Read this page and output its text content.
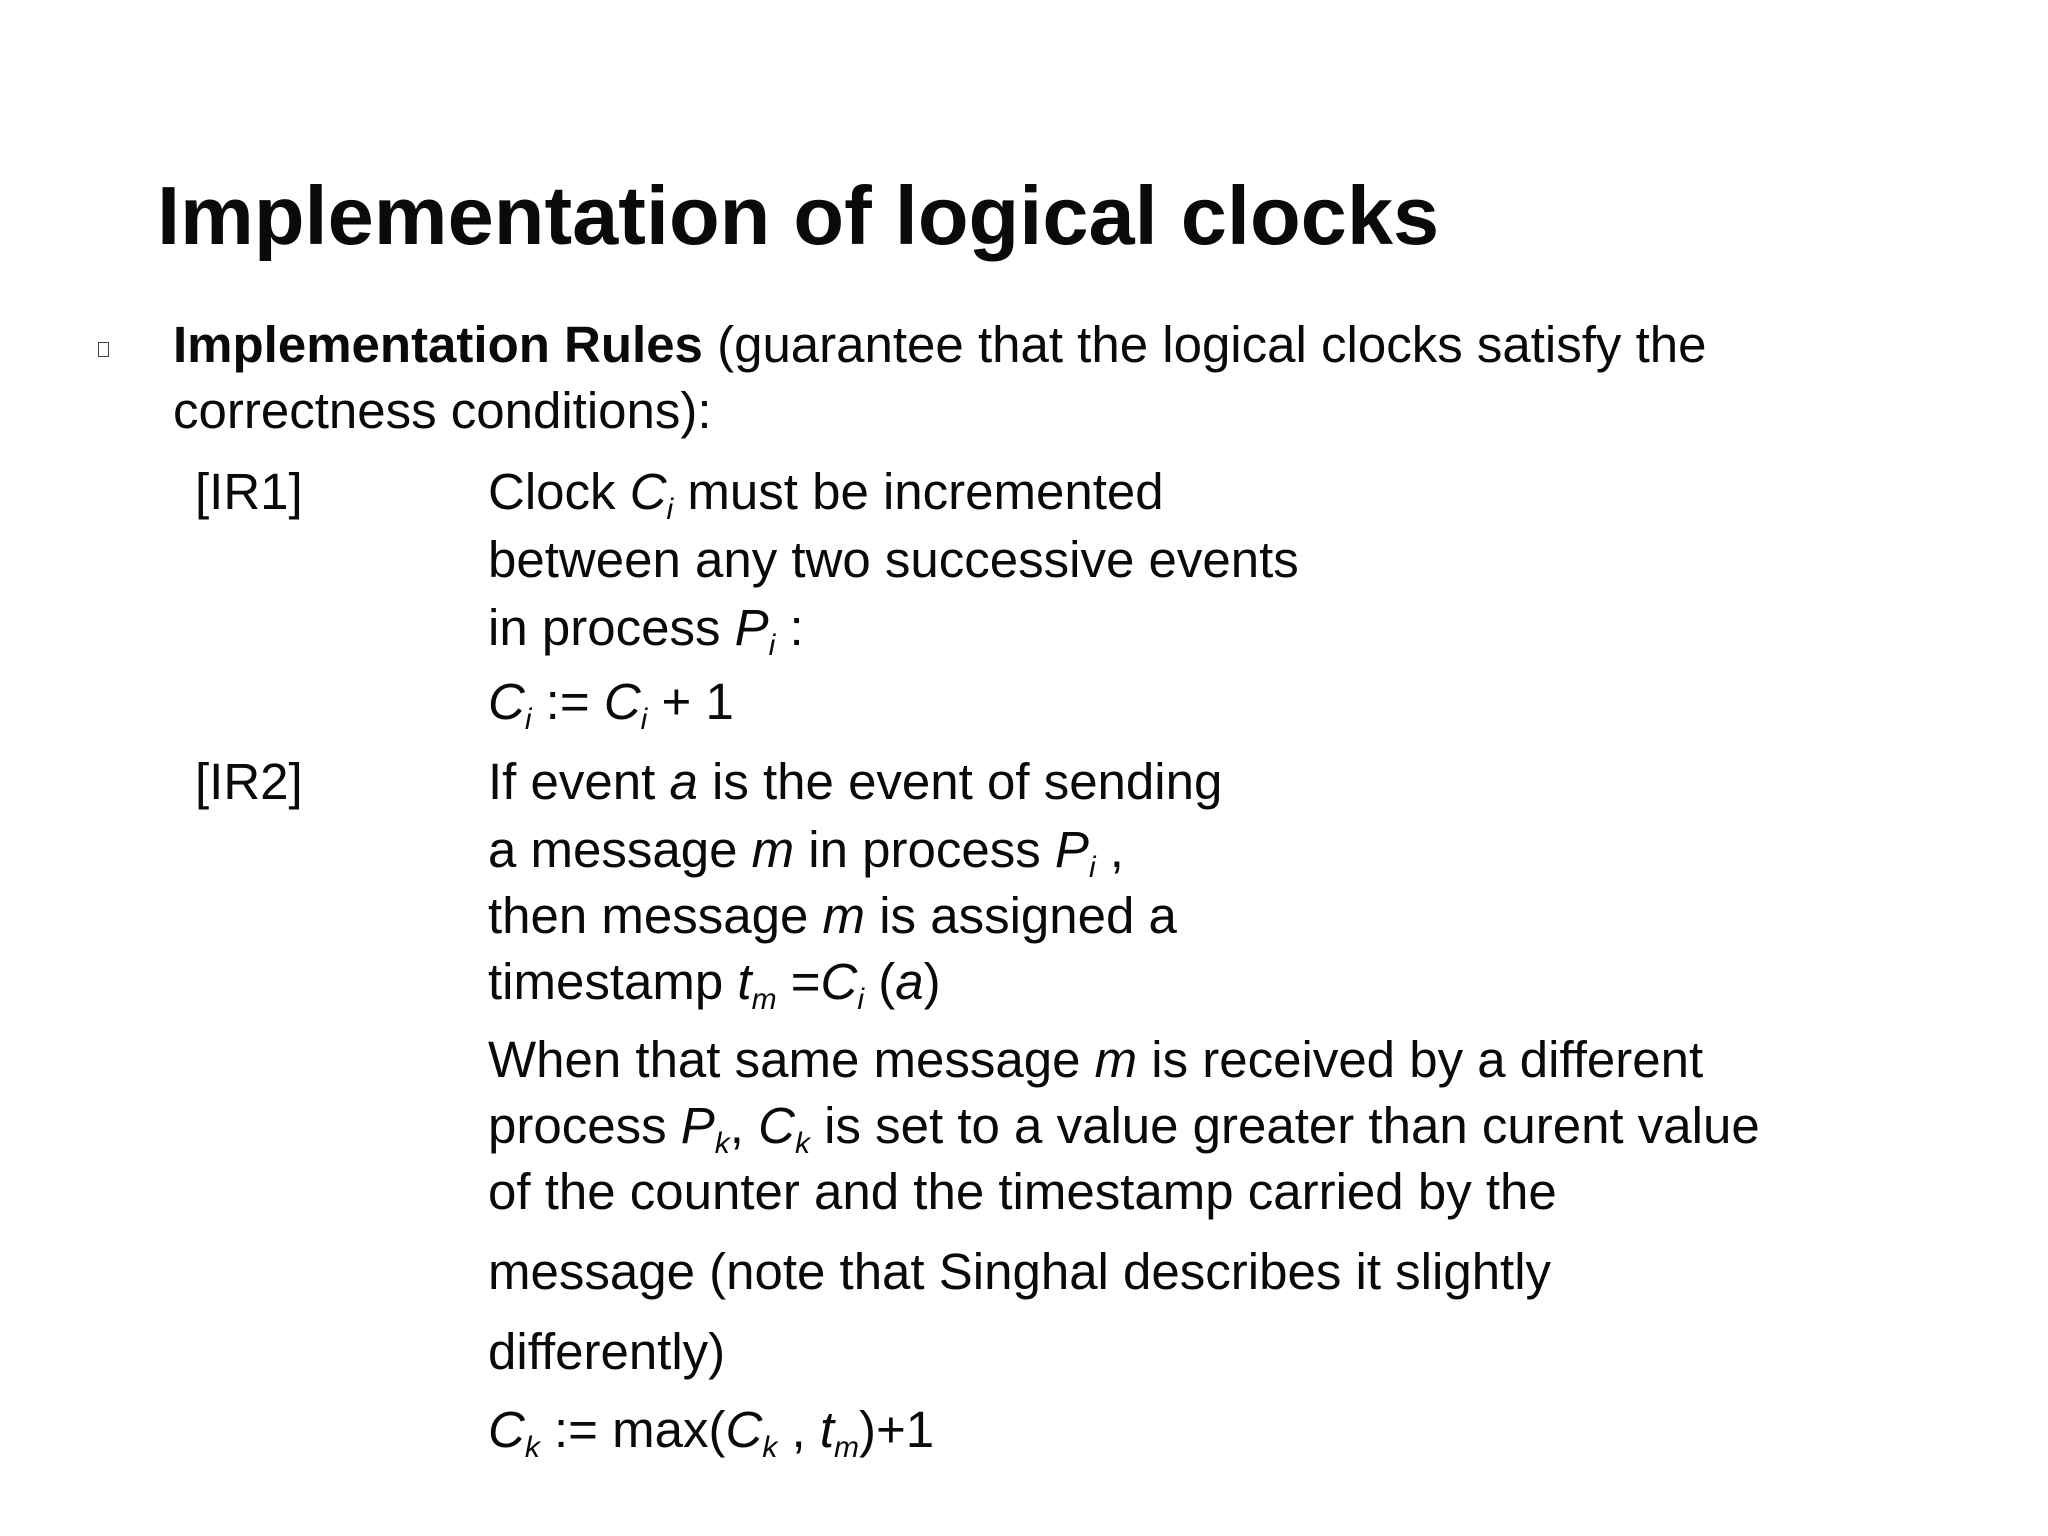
Implementation of logical clocks
Implementation Rules (guarantee that the logical clocks satisfy the
correctness conditions):
[IR1]	Clock $C_i$ must be incremented
between any two successive events
in process $P_i$ :
$C_i$ := $C_i + 1$
[IR2]	If event a is the event of sending
a message m in process $P_i$ ,
then message m is assigned a
timestamp $t_m =C_i$ (a)
When that same message m is received by a different
process $P_k$, $C_k$ is set to a value greater than curent value
of the counter and the timestamp carried by the
message (note that Singhal describes it slightly
differently)
$C_k$ := $\max(C_k$ , $t_m)+1$
